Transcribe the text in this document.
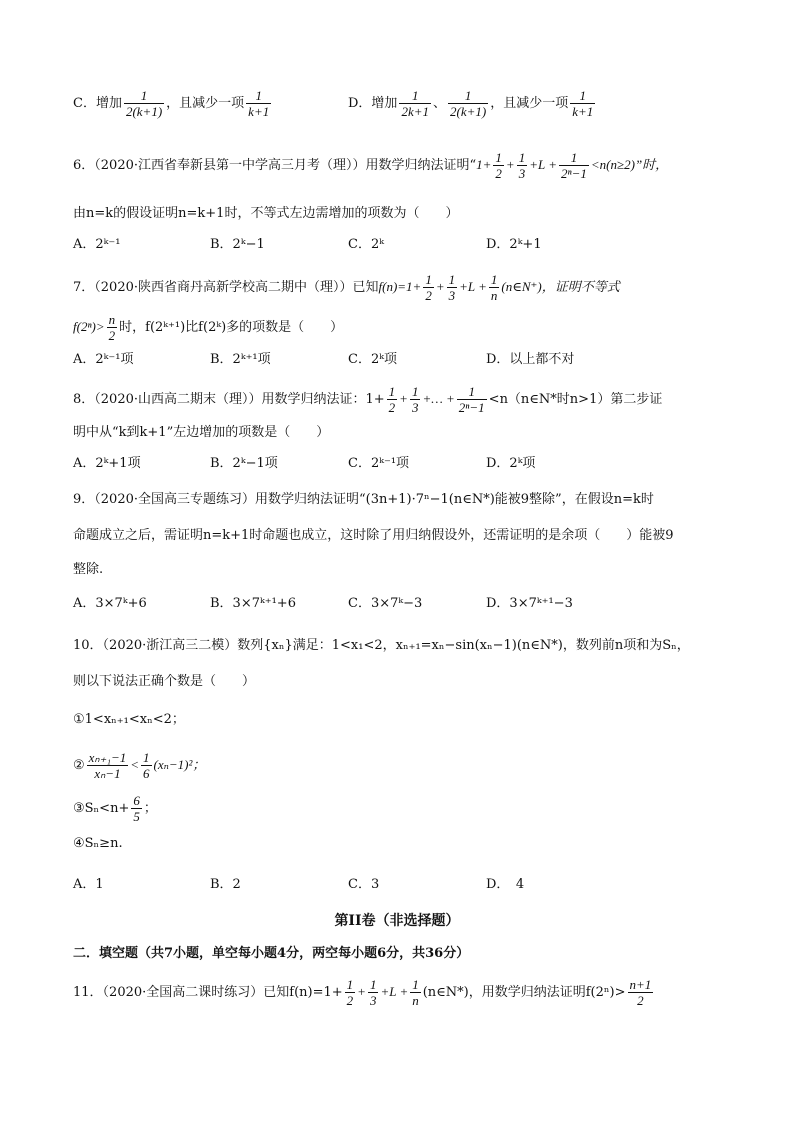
C．增加 $\frac{1}{2(k+1)}$ ，且减少一项 $\frac{1}{k+1}$	D．增加 $\frac{1}{2k+1}$ 、 $\frac{1}{2(k+1)}$ ，且减少一项 $\frac{1}{k+1}$
6．（2020·江西省奉新县第一中学高三月考（理））用数学归纳法证明“$1+ \frac{1}{2} + \frac{1}{3} +L + \frac{1}{\text{2ⁿ−1}} <n(n\ge 2)$”时，
由n=k的假设证明n=k+1时，不等式左边需增加的项数为（　　）
A．2ᵏ⁻¹	B．2ᵏ−1	C．2ᵏ	D．2ᵏ+1
7．（2020·陕西省商丹高新学校高二期中（理））已知$f(n)=1+ \frac{1}{2} + \frac{1}{3} +L + \frac{1}{n}$ (n∈N⁺)，证明不等式
$f(2^n)> \frac{n}{2}$ 时，f(2ᵏ⁺¹)比f(2ᵏ)多的项数是（　　）
A．2ᵏ⁻¹项	B．2ᵏ⁺¹项	C．2ᵏ项	D．以上都不对
8．（2020·山西高二期末（理））用数学归纳法证：$1+ \frac{1}{2} + \frac{1}{3}$ +… + $\frac{1}{\text{2ⁿ−1}}$ <n（n∈N*时n>1）第二步证
明中从“k到k+1”左边增加的项数是（　　）
A．2ᵏ+1项	B．2ᵏ−1项	C．2ᵏ⁻¹项	D．2ᵏ项
9．（2020·全国高三专题练习）用数学归纳法证明“(3n+1)·7ⁿ−1(n∈N*)能被9整除”，在假设n=k时
命题成立之后，需证明n=k+1时命题也成立，这时除了用归纳假设外，还需证明的是余项（　　）能被9
整除.
A．3×7ᵏ+6	B．3×7ᵏ⁺¹+6	C．3×7ᵏ−3	D．3×7ᵏ⁺¹−3
10．（2020·浙江高三二模）数列{xₙ}满足：1<x₁<2，xₙ₊₁=xₙ−sin(xₙ−1)(n∈N*)，数列前n项和为Sₙ，
则以下说法正确个数是（　　）
①1<xₙ₊₁<xₙ<2；
② $\frac{\text{xₙ₊₁−1}}{\text{xₙ−1}} < \frac{1}{6} (x_n-1)^2$；
③Sₙ<n+ $\frac{6}{5}$ ；
④Sₙ≥n.
A．1	B．2	C．3	D．　4
第II卷（非选择题）
二．填空题（共7小题，单空每小题4分，两空每小题6分，共36分）
11．（2020·全国高二课时练习）已知$f(n)=1+ \frac{1}{2} + \frac{1}{3} +L + \frac{1}{n}$ (n∈N*)，用数学归纳法证明$f(2^n)> \frac{n+1}{2}$
